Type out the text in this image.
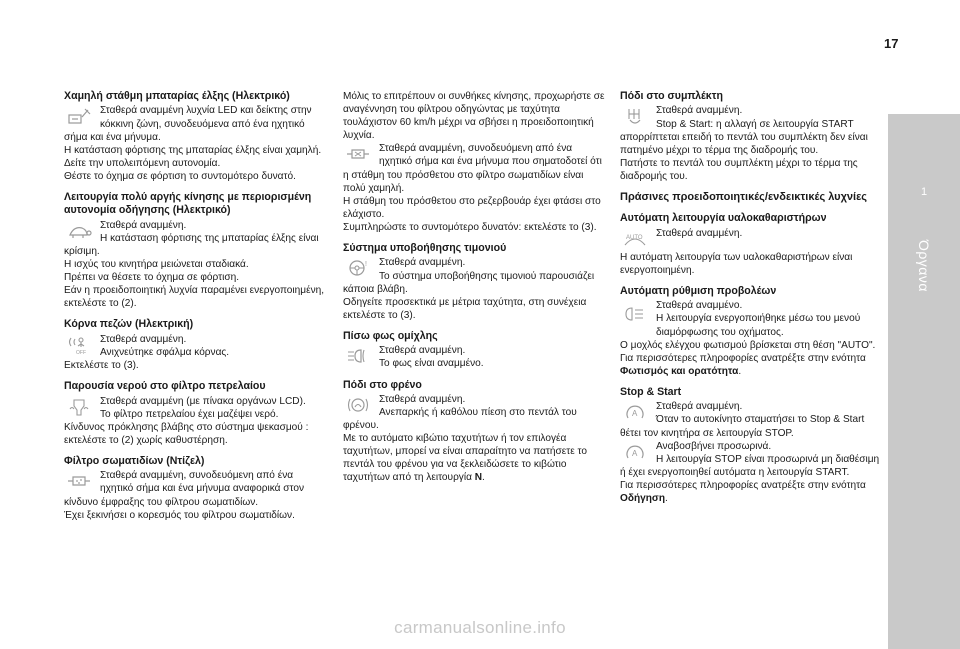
17
1
Όργανα
Χαμηλή στάθμη μπαταρίας έλξης (Ηλεκτρικό)

Σταθερά αναμμένη λυχνία LED και δείκτης στην κόκκινη ζώνη, συνοδευόμενα από ένα ηχητικό σήμα και ένα μήνυμα.

Η κατάσταση φόρτισης της μπαταρίας έλξης είναι χαμηλή.

Δείτε την υπολειπόμενη αυτονομία.

Θέστε το όχημα σε φόρτιση το συντομότερο δυνατό.

Λειτουργία πολύ αργής κίνησης με περιορισμένη αυτονομία οδήγησης (Ηλεκτρικό)

Σταθερά αναμμένη.

Η κατάσταση φόρτισης της μπαταρίας έλξης είναι κρίσιμη.

Η ισχύς του κινητήρα μειώνεται σταδιακά.

Πρέπει να θέσετε το όχημα σε φόρτιση.

Εάν η προειδοποιητική λυχνία παραμένει ενεργοποιημένη, εκτελέστε το (2).

Κόρνα πεζών (Ηλεκτρική)
OFF

Σταθερά αναμμένη.

Ανιχνεύτηκε σφάλμα κόρνας.

Εκτελέστε το (3).

Παρουσία νερού στο φίλτρο πετρελαίου

Σταθερά αναμμένη (με πίνακα οργάνων LCD).

Το φίλτρο πετρελαίου έχει μαζέψει νερό.

Κίνδυνος πρόκλησης βλάβης στο σύστημα ψεκασμού : εκτελέστε το (2) χωρίς καθυστέρηση.

Φίλτρο σωματιδίων (Ντίζελ)

Σταθερά αναμμένη, συνοδευόμενη από ένα ηχητικό σήμα και ένα μήνυμα αναφορικά στον κίνδυνο έμφραξης του φίλτρου σωματιδίων.

Έχει ξεκινήσει ο κορεσμός του φίλτρου σωματιδίων.

Μόλις το επιτρέπουν οι συνθήκες κίνησης, προχωρήστε σε αναγέννηση του φίλτρου οδηγώντας με ταχύτητα τουλάχιστον 60 km/h μέχρι να σβήσει η προειδοποιητική λυχνία.

Σταθερά αναμμένη, συνοδευόμενη από ένα ηχητικό σήμα και ένα μήνυμα που σηματοδοτεί ότι η στάθμη του πρόσθετου στο φίλτρο σωματιδίων είναι πολύ χαμηλή.

Η στάθμη του πρόσθετου στο ρεζερβουάρ έχει φτάσει στο ελάχιστο.

Συμπληρώστε το συντομότερο δυνατόν: εκτελέστε το (3).

Σύστημα υποβοήθησης τιμονιού
!	Σταθερά αναμμένη.

Το σύστημα υποβοήθησης τιμονιού παρουσιάζει κάποια βλάβη.

Οδηγείτε προσεκτικά με μέτρια ταχύτητα, στη συνέχεια εκτελέστε το (3).

Πίσω φως ομίχλης

Σταθερά αναμμένη.

Το φως είναι αναμμένο.

Πόδι στο φρένο

Σταθερά αναμμένη.

Ανεπαρκής ή καθόλου πίεση στο πεντάλ του φρένου.

Με το αυτόματο κιβώτιο ταχυτήτων ή τον επιλογέα ταχυτήτων, μπορεί να είναι απαραίτητο να πατήσετε το πεντάλ του φρένου για να ξεκλειδώσετε το κιβώτιο ταχυτήτων από τη λειτουργία N.

Πόδι στο συμπλέκτη

Σταθερά αναμμένη.

Stop & Start: η αλλαγή σε λειτουργία START απορρίπτεται επειδή το πεντάλ του συμπλέκτη δεν είναι πατημένο μέχρι το τέρμα της διαδρομής του.

Πατήστε το πεντάλ του συμπλέκτη μέχρι το τέρμα της διαδρομής του.

Πράσινες προειδοποιητικές/ενδεικτικές λυχνίες
Αυτόματη λειτουργία υαλοκαθαριστήρων
AUTO	Σταθερά αναμμένη.

Η αυτόματη λειτουργία των υαλοκαθαριστήρων είναι ενεργοποιημένη.

Αυτόματη ρύθμιση προβολέων

Σταθερά αναμμένο.

Η λειτουργία ενεργοποιήθηκε μέσω του μενού διαμόρφωσης του οχήματος.

Ο μοχλός ελέγχου φωτισμού βρίσκεται στη θέση "AUTO".

Για περισσότερες πληροφορίες ανατρέξτε στην ενότητα Φωτισμός και ορατότητα.

Stop & Start
A

Σταθερά αναμμένη.

Όταν το αυτοκίνητο σταματήσει το Stop & Start θέτει τον κινητήρα σε λειτουργία STOP.

A

Αναβοσβήνει προσωρινά.

Η λειτουργία STOP είναι προσωρινά μη διαθέσιμη ή έχει ενεργοποιηθεί αυτόματα η λειτουργία START.

Για περισσότερες πληροφορίες ανατρέξτε στην ενότητα Οδήγηση.

carmanualsonline.info
